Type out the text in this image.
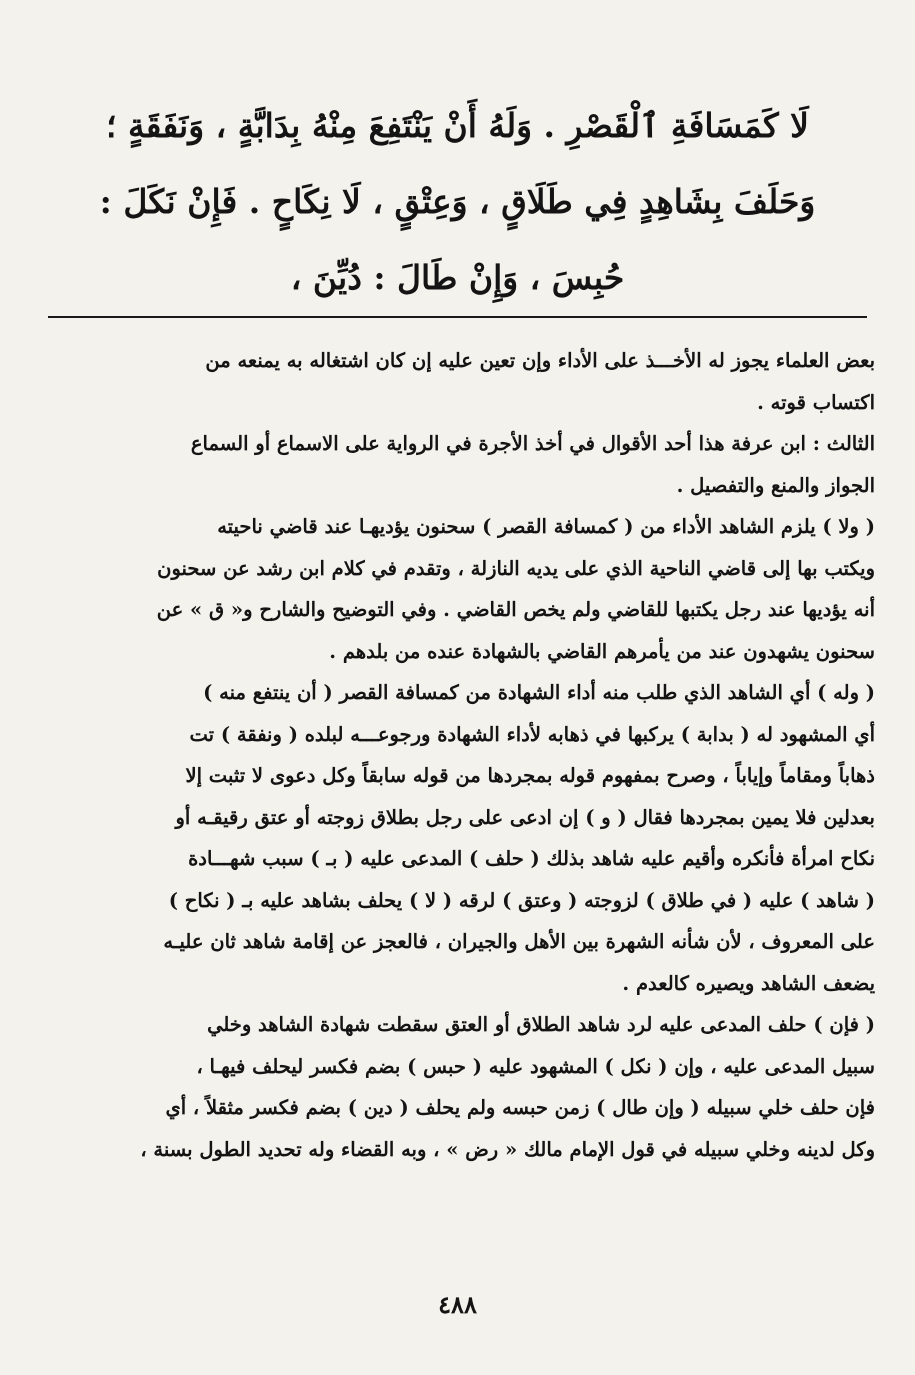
لَا كَمَسَافَةِ ٱلْقَصْرِ . وَلَهُ أَنْ يَنْتَفِعَ مِنْهُ بِدَابَّةٍ ، وَنَفَقَةٍ ؛
وَحَلَفَ بِشَاهِدٍ فِي طَلَاقٍ ، وَعِتْقٍ ، لَا نِكَاحٍ . فَإِنْ نَكَلَ :
حُبِسَ ، وَإِنْ طَالَ : دُيِّنَ ،
بعض العلماء يجوز له الأخـــذ على الأداء وإن تعين عليه إن كان اشتغاله به يمنعه من
اكتساب قوته .
الثالث : ابن عرفة هذا أحد الأقوال في أخذ الأجرة في الرواية على الاسماع أو السماع
الجواز والمنع والتفصيل .
( ولا ) يلزم الشاهد الأداء من ( كمسافة القصر ) سحنون يؤديهـا عند قاضي ناحيته
ويكتب بها إلى قاضي الناحية الذي على يديه النازلة ، وتقدم في كلام ابن رشد عن سحنون
أنه يؤديها عند رجل يكتبها للقاضي ولم يخص القاضي . وفي التوضيح والشارح و« ق » عن
سحنون يشهدون عند من يأمرهم القاضي بالشهادة عنده من بلدهم .
( وله ) أي الشاهد الذي طلب منه أداء الشهادة من كمسافة القصر ( أن ينتفع منه )
أي المشهود له ( بدابة ) يركبها في ذهابه لأداء الشهادة ورجوعـــه لبلده ( ونفقة ) تت
ذهاباً ومقاماً وإياباً ، وصرح بمفهوم قوله بمجردها من قوله سابقاً وكل دعوى لا تثبت إلا
بعدلين فلا يمين بمجردها فقال ( و ) إن ادعى على رجل بطلاق زوجته أو عتق رقيقـه أو
نكاح امرأة فأنكره وأقيم عليه شاهد بذلك ( حلف ) المدعى عليه ( بـ ) سبب شهـــادة
( شاهد ) عليه ( في طلاق ) لزوجته ( وعتق ) لرقه ( لا ) يحلف بشاهد عليه بـ ( نكاح )
على المعروف ، لأن شأنه الشهرة بين الأهل والجيران ، فالعجز عن إقامة شاهد ثان عليـه
يضعف الشاهد ويصيره كالعدم .
( فإن ) حلف المدعى عليه لرد شاهد الطلاق أو العتق سقطت شهادة الشاهد وخلي
سبيل المدعى عليه ، وإن ( نكل ) المشهود عليه ( حبس ) بضم فكسر ليحلف فيهـا ،
فإن حلف خلي سبيله ( وإن طال ) زمن حبسه ولم يحلف ( دين ) بضم فكسر مثقلاً ، أي
وكل لدينه وخلي سبيله في قول الإمام مالك « رض » ، وبه القضاء وله تحديد الطول بسنة ،
٤٨٨
